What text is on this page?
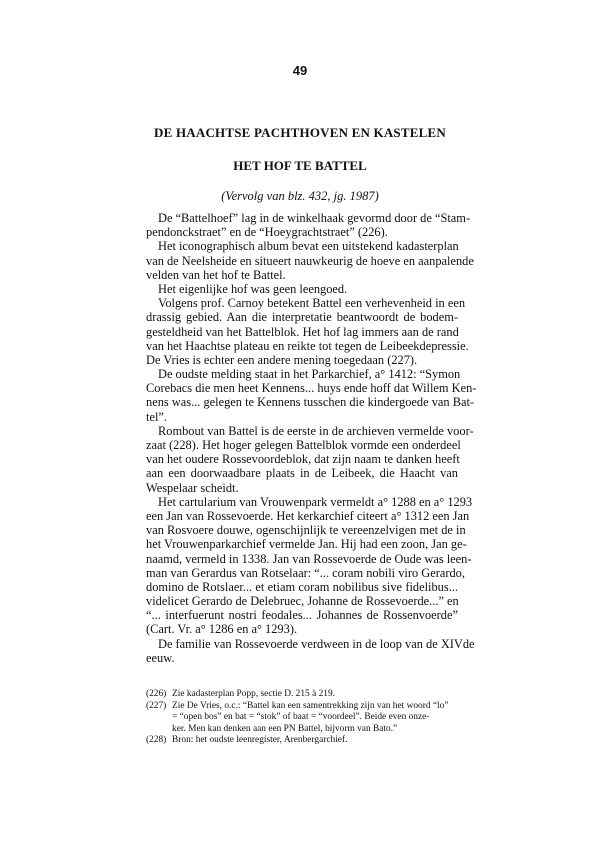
49
DE HAACHTSE PACHTHOVEN EN KASTELEN
HET HOF TE BATTEL
(Vervolg van blz. 432, jg. 1987)
De “Battelhoef” lag in de winkelhaak gevormd door de “Stam-
pendonckstraet” en de “Hoeygrachtstraet” (226).
Het iconographisch album bevat een uitstekend kadasterplan
van de Neelsheide en situeert nauwkeurig de hoeve en aanpalende
velden van het hof te Battel.
Het eigenlijke hof was geen leengoed.
Volgens prof. Carnoy betekent Battel een verhevenheid in een
drassig gebied. Aan die interpretatie beantwoordt de bodem-
gesteldheid van het Battelblok. Het hof lag immers aan de rand
van het Haachtse plateau en reikte tot tegen de Leibeekdepressie.
De Vries is echter een andere mening toegedaan (227).
De oudste melding staat in het Parkarchief, a° 1412: “Symon
Corebacs die men heet Kennens... huys ende hoff dat Willem Ken-
nens was... gelegen te Kennens tusschen die kindergoede van Bat-
tel”.
Rombout van Battel is de eerste in de archieven vermelde voor-
zaat (228). Het hoger gelegen Battelblok vormde een onderdeel
van het oudere Rossevoordeblok, dat zijn naam te danken heeft
aan een doorwaadbare plaats in de Leibeek, die Haacht van
Wespelaar scheidt.
Het cartularium van Vrouwenpark vermeldt a° 1288 en a° 1293
een Jan van Rossevoerde. Het kerkarchief citeert a° 1312 een Jan
van Rosvoere douwe, ogenschijnlijk te vereenzelvigen met de in
het Vrouwenparkarchief vermelde Jan. Hij had een zoon, Jan ge-
naamd, vermeld in 1338. Jan van Rossevoerde de Oude was leen-
man van Gerardus van Rotselaar: “... coram nobili viro Gerardo,
domino de Rotslaer... et etiam coram nobilibus sive fidelibus...
videlicet Gerardo de Delebruec, Johanne de Rossevoerde...” en
“... interfuerunt nostri feodales... Johannes de Rossenvoerde”
(Cart. Vr. a° 1286 en a° 1293).
De familie van Rossevoerde verdween in de loop van de XIVde
eeuw.
(226) Zie kadasterplan Popp, sectie D. 215 à 219.
(227) Zie De Vries, o.c.: “Battel kan een samentrekking zijn van het woord “lo”
= “open bos” en bat = “stok” of baat = “voordeel”. Beide even onze-
ker. Men kan denken aan een PN Battel, bijvorm van Bato.”
(228) Bron: het oudste leenregister, Arenbergarchief.
